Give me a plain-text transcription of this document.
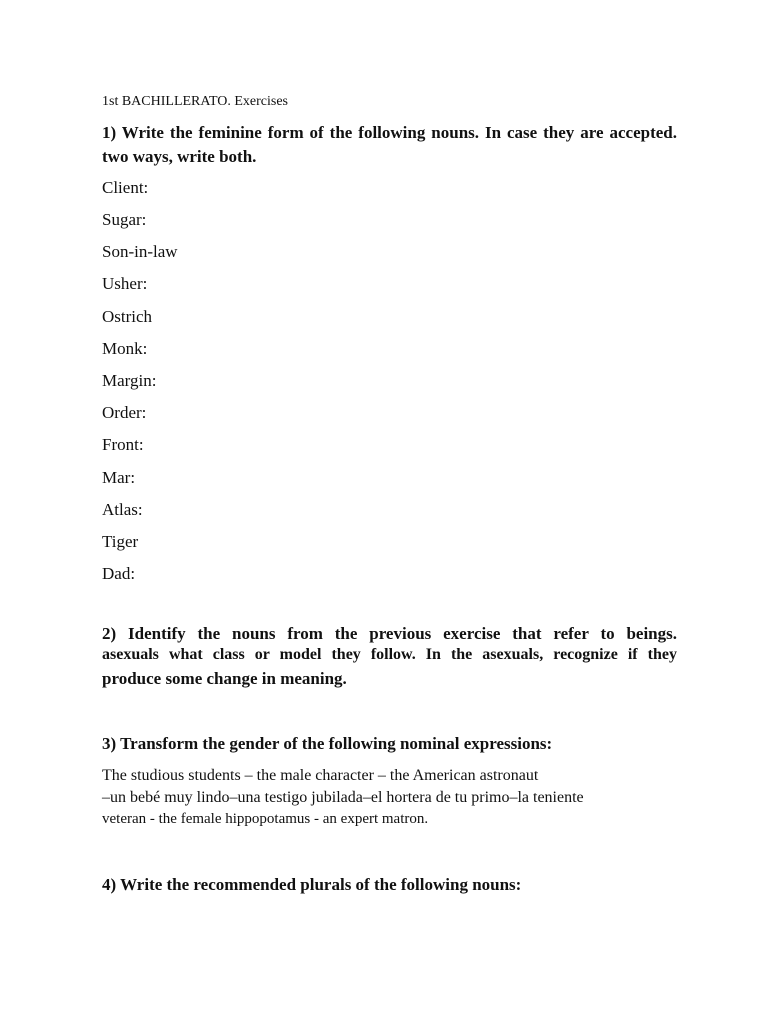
1st BACHILLERATO. Exercises
1) Write the feminine form of the following nouns. In case they are accepted.
two ways, write both.
Client:
Sugar:
Son-in-law
Usher:
Ostrich
Monk:
Margin:
Order:
Front:
Mar:
Atlas:
Tiger
Dad:
2) Identify the nouns from the previous exercise that refer to beings.
asexuals what class or model they follow. In the asexuals, recognize if they
produce some change in meaning.
3) Transform the gender of the following nominal expressions:
The studious students – the male character – the American astronaut
–un bebé muy lindo–una testigo jubilada–el hortera de tu primo–la teniente
veteran - the female hippopotamus - an expert matron.
4) Write the recommended plurals of the following nouns:
